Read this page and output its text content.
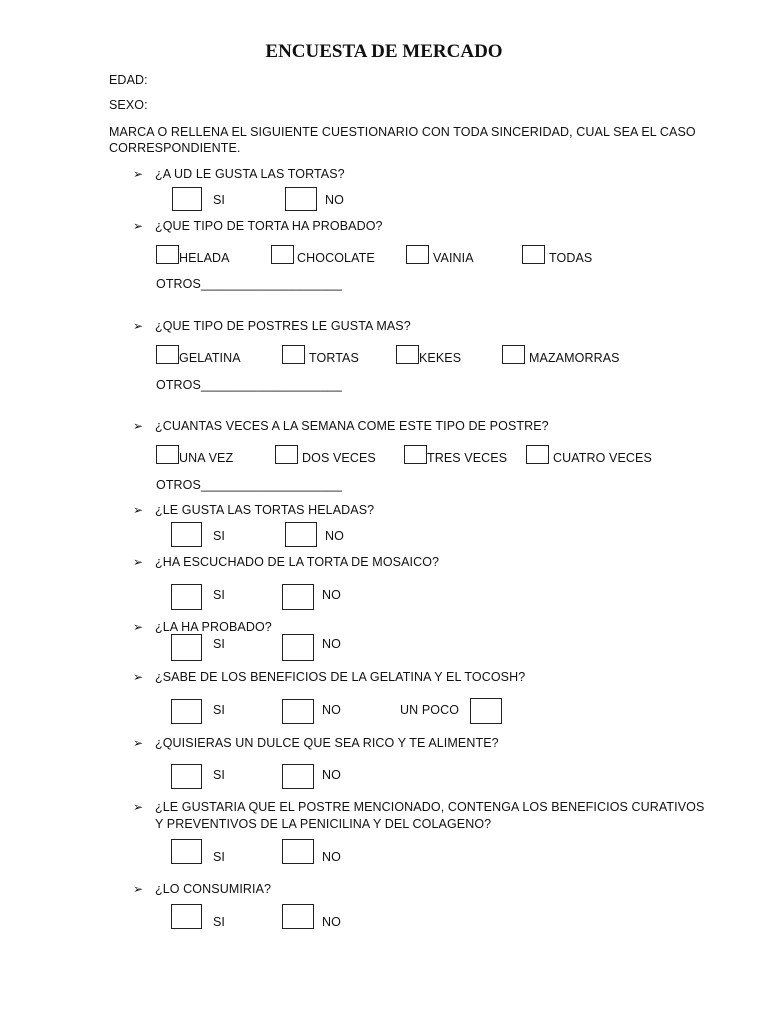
ENCUESTA DE MERCADO
EDAD:
SEXO:
MARCA O RELLENA EL SIGUIENTE CUESTIONARIO CON TODA SINCERIDAD, CUAL SEA EL CASO
CORRESPONDIENTE.
➢ ¿A UD LE GUSTA LAS TORTAS?
SI	NO
➢ ¿QUE TIPO DE TORTA HA PROBADO?
HELADA	CHOCOLATE	VAINIA	TODAS
OTROS____________________
➢ ¿QUE TIPO DE POSTRES LE GUSTA MAS?
GELATINA	TORTAS	KEKES	MAZAMORRAS
OTROS____________________
➢ ¿CUANTAS VECES A LA SEMANA COME ESTE TIPO DE POSTRE?
UNA VEZ	DOS VECES	TRES VECES	CUATRO VECES
OTROS____________________
➢ ¿LE GUSTA LAS TORTAS HELADAS?
SI	NO
➢ ¿HA ESCUCHADO DE LA TORTA DE MOSAICO?
SI	NO
➢ ¿LA HA PROBADO?
SI	NO
➢ ¿SABE DE LOS BENEFICIOS DE LA GELATINA Y EL TOCOSH?
SI	NO	UN POCO
➢ ¿QUISIERAS UN DULCE QUE SEA RICO Y TE ALIMENTE?
SI	NO
➢ ¿LE GUSTARIA QUE EL POSTRE MENCIONADO, CONTENGA LOS BENEFICIOS CURATIVOS
Y PREVENTIVOS DE LA PENICILINA Y DEL COLAGENO?
SI	NO
➢ ¿LO CONSUMIRIA?
SI	NO
